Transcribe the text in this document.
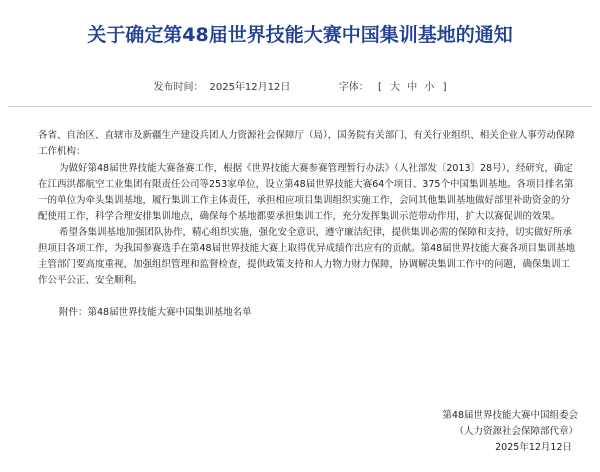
关于确定第48届世界技能大赛中国集训基地的通知
发布时间： 2025年12月12日	字体： [ 大 中 小 ]

各省、自治区、直辖市及新疆生产建设兵团人力资源社会保障厅（局），国务院有关部门、有关行业组织、相关企业人事劳动保障工作机构：

为做好第48届世界技能大赛备赛工作，根据《世界技能大赛参赛管理暂行办法》（人社部发〔2013〕28号），经研究，确定在江西洪都航空工业集团有限责任公司等253家单位，设立第48届世界技能大赛64个项目、375个中国集训基地。各项目排名第一的单位为牵头集训基地，履行集训工作主体责任，承担相应项目集训组织实施工作，会同其他集训基地做好部里补助资金的分配使用工作，科学合理安排集训地点，确保每个基地都要承担集训工作，充分发挥集训示范带动作用，扩大以赛促训的效果。

希望各集训基地加强团队协作，精心组织实施，强化安全意识，遵守廉洁纪律，提供集训必需的保障和支持，切实做好所承担项目各项工作，为我国参赛选手在第48届世界技能大赛上取得优异成绩作出应有的贡献。第48届世界技能大赛各项目集训基地主管部门要高度重视，加强组织管理和监督检查，提供政策支持和人力物力财力保障，协调解决集训工作中的问题，确保集训工作公平公正、安全顺利。

附件：第48届世界技能大赛中国集训基地名单

第48届世界技能大赛中国组委会
（人力资源社会保障部代章）
2025年12月12日
